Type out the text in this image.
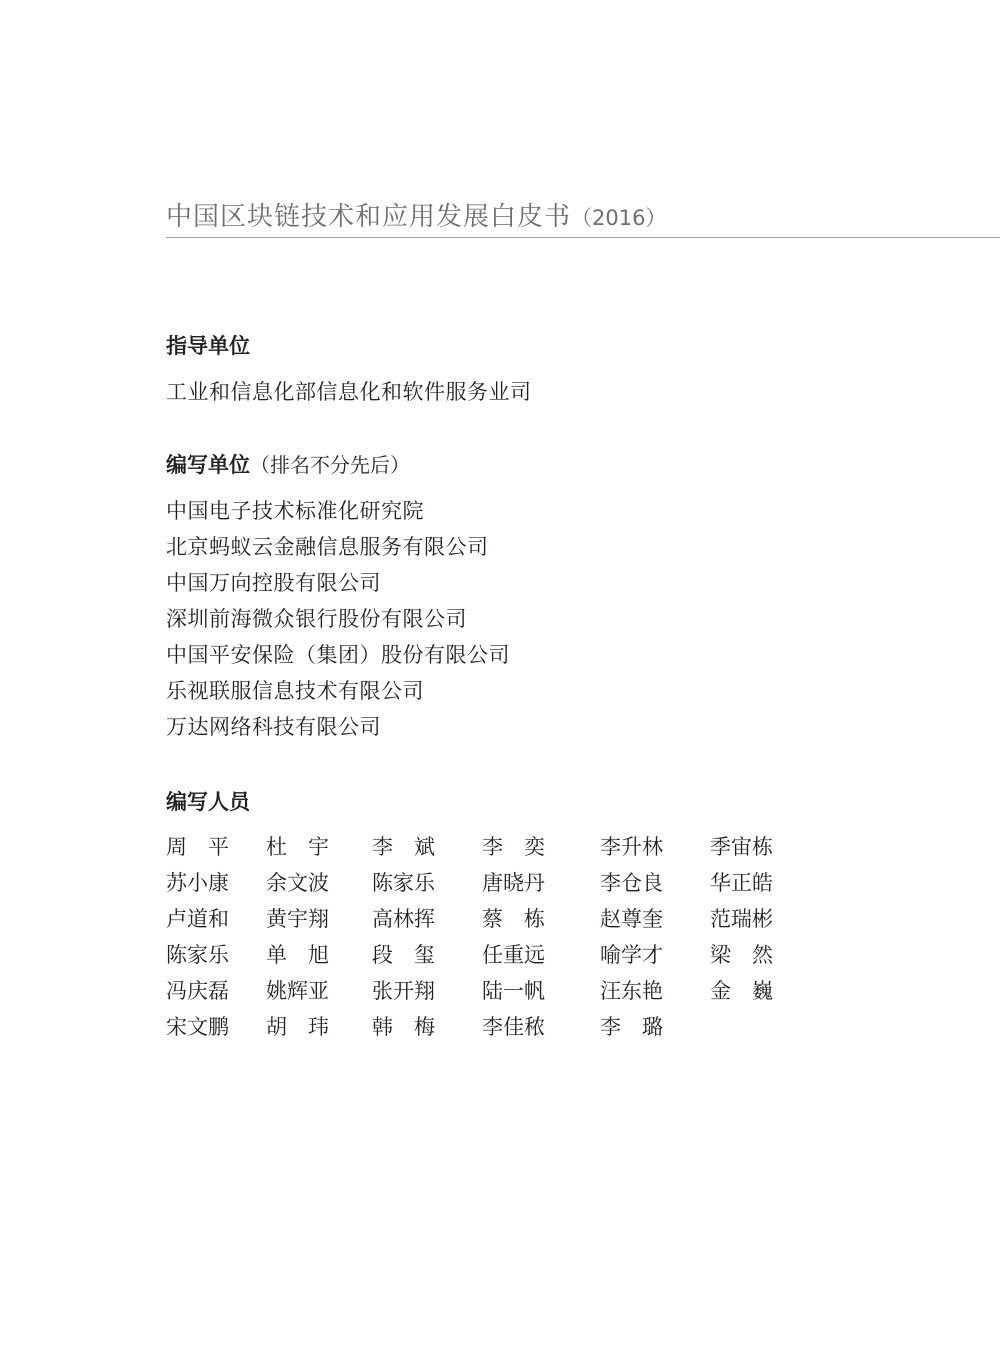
中国区块链技术和应用发展白皮书（2016）
指导单位
工业和信息化部信息化和软件服务业司
编写单位（排名不分先后）
中国电子技术标准化研究院
北京蚂蚁云金融信息服务有限公司
中国万向控股有限公司
深圳前海微众银行股份有限公司
中国平安保险（集团）股份有限公司
乐视联服信息技术有限公司
万达网络科技有限公司
编写人员
周　平	杜　宇	李　斌	李　奕	李升林	季宙栋
苏小康	余文波	陈家乐	唐晓丹	李仓良	华正皓
卢道和	黄宇翔	高林挥	蔡　栋	赵尊奎	范瑞彬
陈家乐	单　旭	段　玺	任重远	喻学才	梁　然
冯庆磊	姚辉亚	张开翔	陆一帆	汪东艳	金　巍
宋文鹏	胡　玮	韩　梅	李佳秾	李　璐
